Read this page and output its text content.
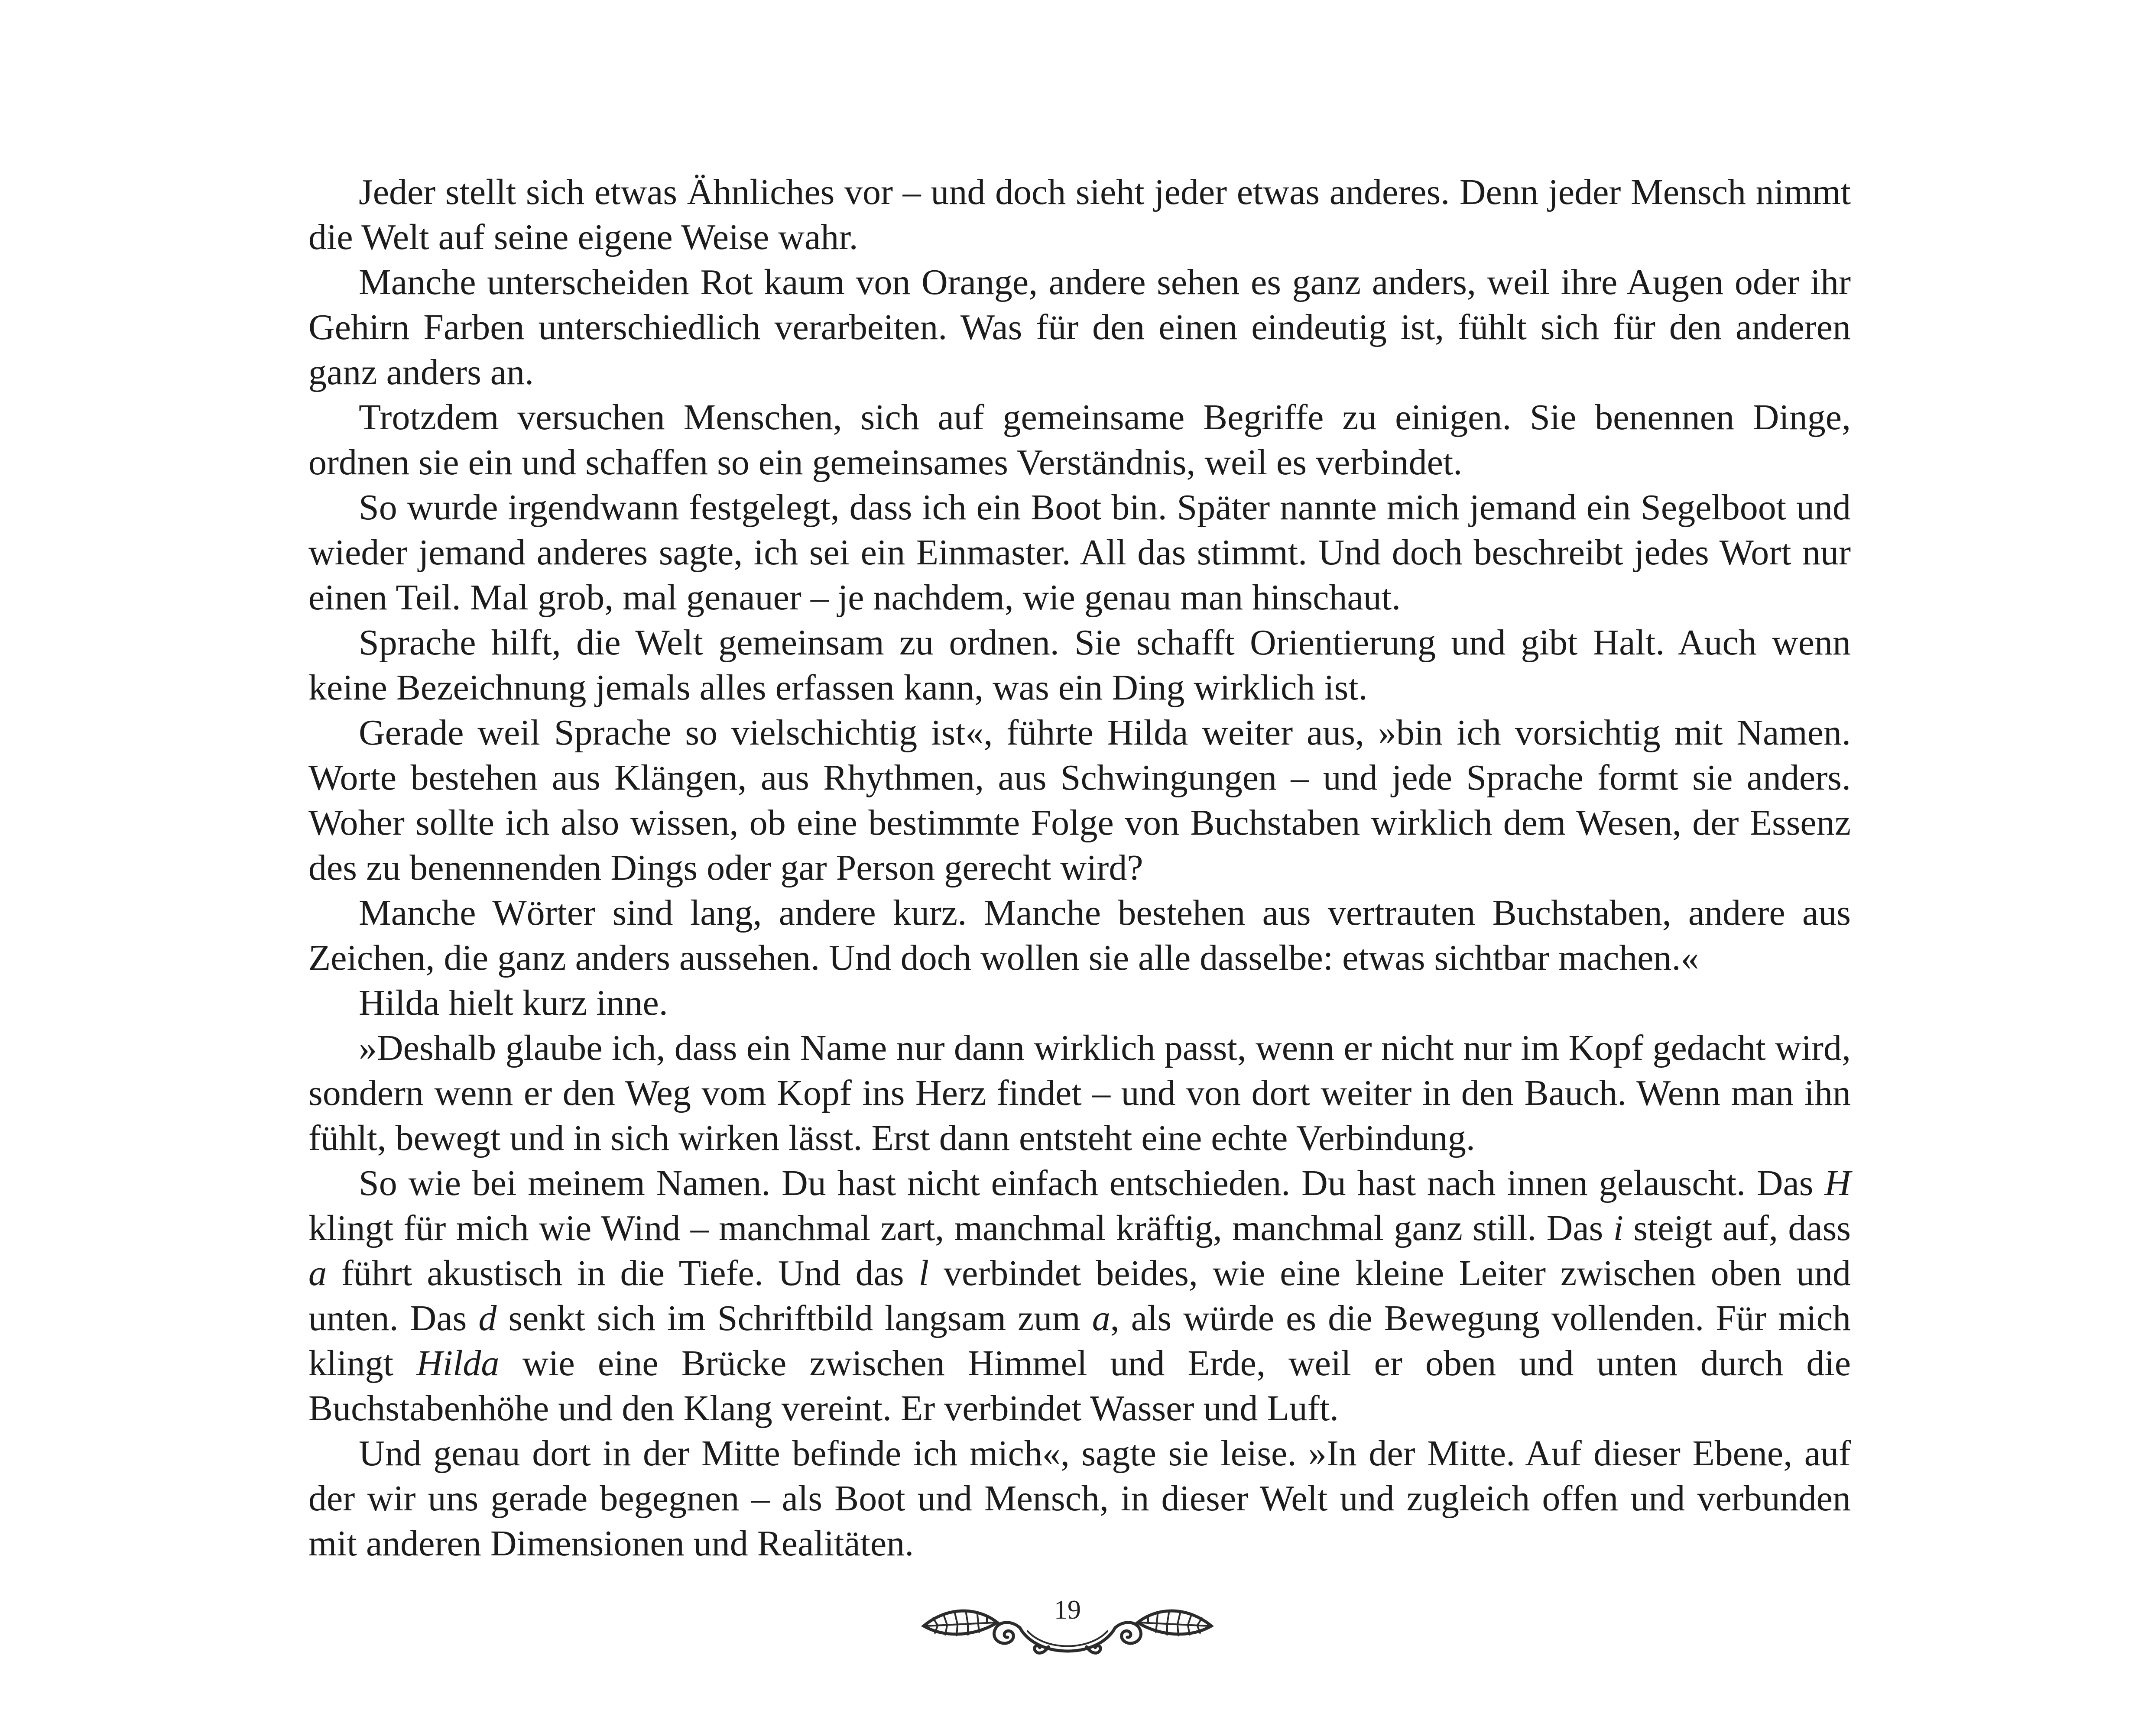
Jeder stellt sich etwas Ähnliches vor – und doch sieht jeder etwas anderes. Denn jeder Mensch nimmt die Welt auf seine eigene Weise wahr.

Manche unterscheiden Rot kaum von Orange, andere sehen es ganz anders, weil ihre Augen oder ihr Gehirn Farben unterschiedlich verarbeiten. Was für den einen eindeutig ist, fühlt sich für den anderen ganz anders an.

Trotzdem versuchen Menschen, sich auf gemeinsame Begriffe zu einigen. Sie benennen Dinge, ordnen sie ein und schaffen so ein gemeinsames Verständnis, weil es verbindet.

So wurde irgendwann festgelegt, dass ich ein Boot bin. Später nannte mich jemand ein Segelboot und wieder jemand anderes sagte, ich sei ein Einmaster. All das stimmt. Und doch beschreibt jedes Wort nur einen Teil. Mal grob, mal genauer – je nachdem, wie genau man hinschaut.

Sprache hilft, die Welt gemeinsam zu ordnen. Sie schafft Orientierung und gibt Halt. Auch wenn keine Bezeichnung jemals alles erfassen kann, was ein Ding wirklich ist.

Gerade weil Sprache so vielschichtig ist«, führte Hilda weiter aus, »bin ich vorsichtig mit Namen. Worte bestehen aus Klängen, aus Rhythmen, aus Schwingungen – und jede Sprache formt sie anders. Woher sollte ich also wissen, ob eine bestimmte Folge von Buchstaben wirklich dem Wesen, der Essenz des zu benennenden Dings oder gar Person gerecht wird?

Manche Wörter sind lang, andere kurz. Manche bestehen aus vertrauten Buchstaben, andere aus Zeichen, die ganz anders aussehen. Und doch wollen sie alle dasselbe: etwas sichtbar machen.«

Hilda hielt kurz inne.

»Deshalb glaube ich, dass ein Name nur dann wirklich passt, wenn er nicht nur im Kopf gedacht wird, sondern wenn er den Weg vom Kopf ins Herz findet – und von dort weiter in den Bauch. Wenn man ihn fühlt, bewegt und in sich wirken lässt. Erst dann entsteht eine echte Verbindung.

So wie bei meinem Namen. Du hast nicht einfach entschieden. Du hast nach innen gelauscht. Das H klingt für mich wie Wind – manchmal zart, manchmal kräftig, manchmal ganz still. Das i steigt auf, dass a führt akustisch in die Tiefe. Und das l verbindet beides, wie eine kleine Leiter zwischen oben und unten. Das d senkt sich im Schriftbild langsam zum a, als würde es die Bewegung vollenden. Für mich klingt Hilda wie eine Brücke zwischen Himmel und Erde, weil er oben und unten durch die Buchstabenhöhe und den Klang vereint. Er verbindet Wasser und Luft.

Und genau dort in der Mitte befinde ich mich«, sagte sie leise. »In der Mitte. Auf dieser Ebene, auf der wir uns gerade begegnen – als Boot und Mensch, in dieser Welt und zugleich offen und verbunden mit anderen Dimensionen und Realitäten.

19
